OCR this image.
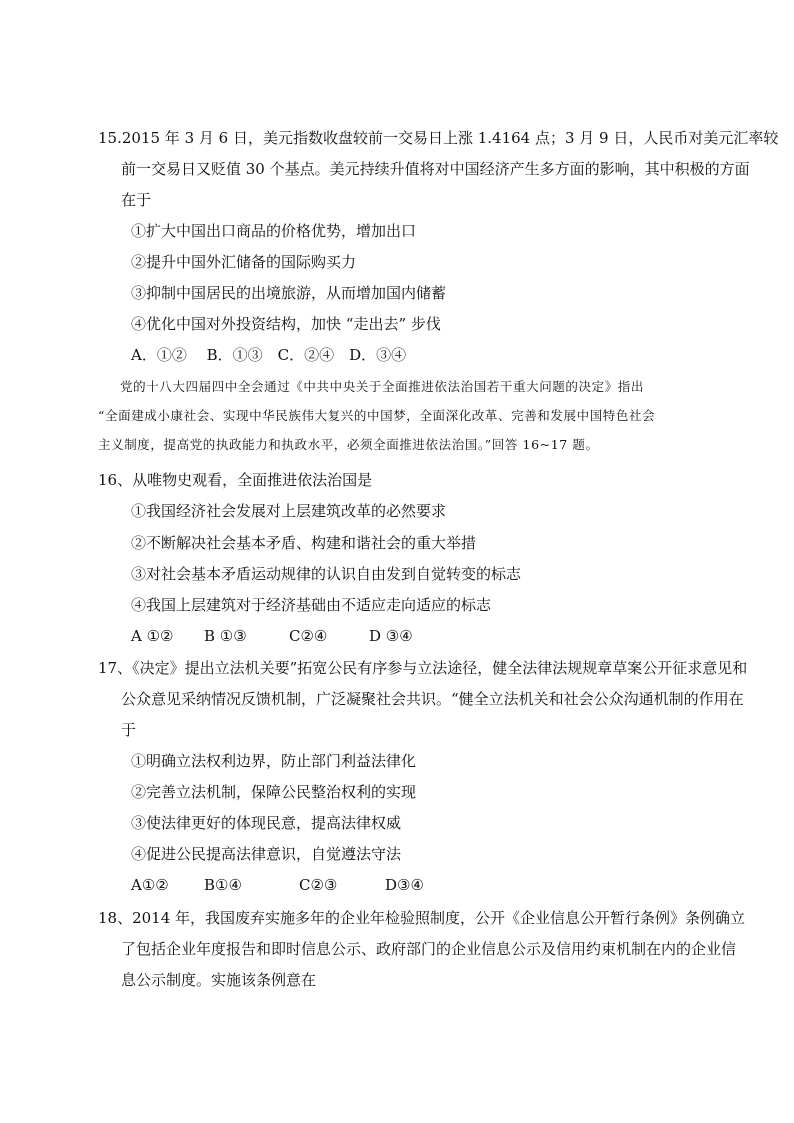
15.2015 年 3 月 6 日，美元指数收盘较前一交易日上涨 1.4164 点；3 月 9 日，人民币对美元汇率较
前一交易日又贬值 30 个基点。美元持续升值将对中国经济产生多方面的影响，其中积极的方面
在于
①扩大中国出口商品的价格优势，增加出口
②提升中国外汇储备的国际购买力
③抑制中国居民的出境旅游，从而增加国内储蓄
④优化中国对外投资结构，加快 “走出去” 步伐
A．①②　 B．①③　C．②④　D．③④
党的十八大四届四中全会通过《中共中央关于全面推进依法治国若干重大问题的决定》指出
“全面建成小康社会、实现中华民族伟大复兴的中国梦，全面深化改革、完善和发展中国特色社会
主义制度，提高党的执政能力和执政水平，必须全面推进依法治国。”回答 16~17 题。
16、从唯物史观看，全面推进依法治国是
①我国经济社会发展对上层建筑改革的必然要求
②不断解决社会基本矛盾、构建和谐社会的重大举措
③对社会基本矛盾运动规律的认识自由发到自觉转变的标志
④我国上层建筑对于经济基础由不适应走向适应的标志
A ①② B ①③	C②④	D ③④
17、《决定》提出立法机关要”拓宽公民有序参与立法途径，健全法律法规规章草案公开征求意见和
公众意见采纳情况反馈机制，广泛凝聚社会共识。“健全立法机关和社会公众沟通机制的作用在
于
①明确立法权利边界，防止部门利益法律化
②完善立法机制，保障公民整治权利的实现
③使法律更好的体现民意，提高法律权威
④促进公民提高法律意识，自觉遵法守法
A①② B①④	C②③	D③④
18、2014 年，我国废弃实施多年的企业年检验照制度，公开《企业信息公开暂行条例》条例确立
了包括企业年度报告和即时信息公示、政府部门的企业信息公示及信用约束机制在内的企业信
息公示制度。实施该条例意在
